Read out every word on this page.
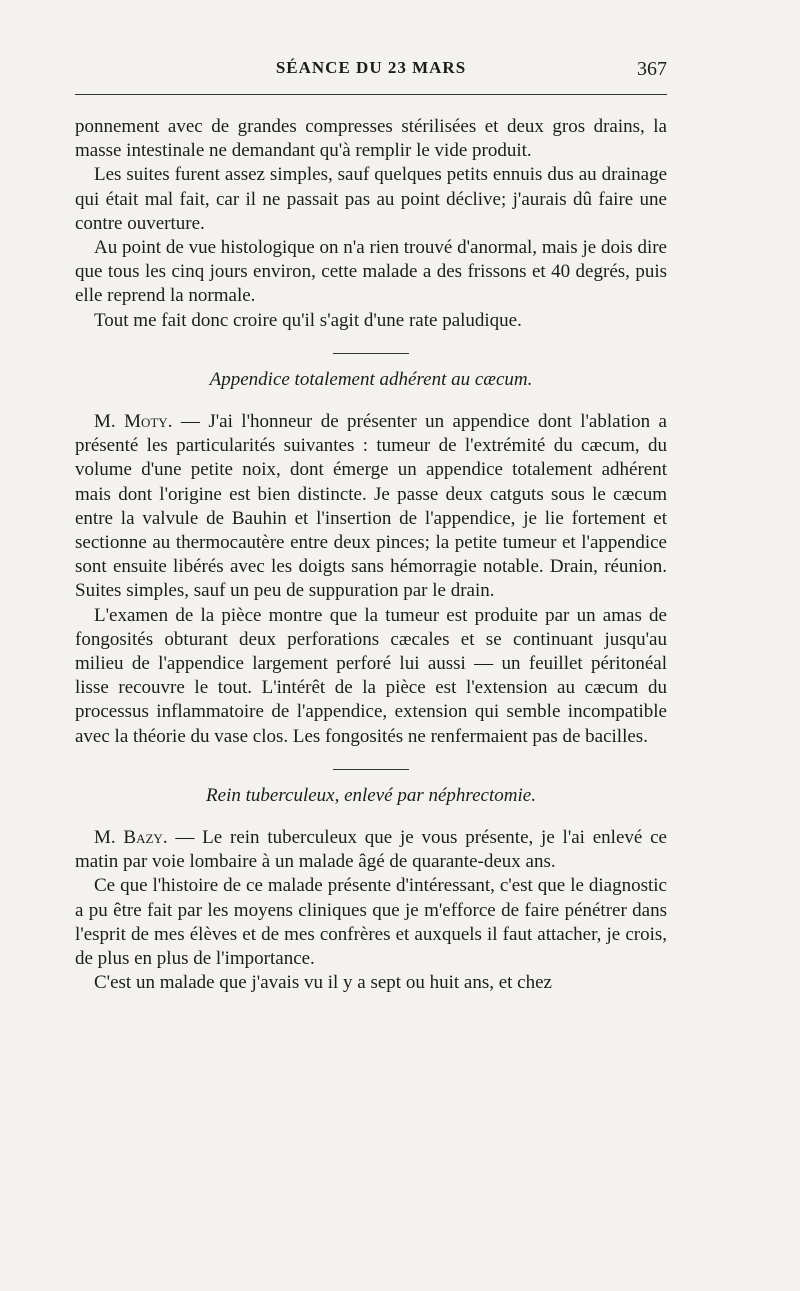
SÉANCE DU 23 MARS	367

ponnement avec de grandes compresses stérilisées et deux gros drains, la masse intestinale ne demandant qu'à remplir le vide produit.

Les suites furent assez simples, sauf quelques petits ennuis dus au drainage qui était mal fait, car il ne passait pas au point déclive; j'aurais dû faire une contre ouverture.

Au point de vue histologique on n'a rien trouvé d'anormal, mais je dois dire que tous les cinq jours environ, cette malade a des frissons et 40 degrés, puis elle reprend la normale.

Tout me fait donc croire qu'il s'agit d'une rate paludique.

Appendice totalement adhérent au cæcum.

M. Moty. — J'ai l'honneur de présenter un appendice dont l'ablation a présenté les particularités suivantes : tumeur de l'extrémité du cæcum, du volume d'une petite noix, dont émerge un appendice totalement adhérent mais dont l'origine est bien distincte. Je passe deux catguts sous le cæcum entre la valvule de Bauhin et l'insertion de l'appendice, je lie fortement et sectionne au thermocautère entre deux pinces; la petite tumeur et l'appendice sont ensuite libérés avec les doigts sans hémorragie notable. Drain, réunion. Suites simples, sauf un peu de suppuration par le drain.

L'examen de la pièce montre que la tumeur est produite par un amas de fongosités obturant deux perforations cæcales et se continuant jusqu'au milieu de l'appendice largement perforé lui aussi — un feuillet péritonéal lisse recouvre le tout. L'intérêt de la pièce est l'extension au cæcum du processus inflammatoire de l'appendice, extension qui semble incompatible avec la théorie du vase clos. Les fongosités ne renfermaient pas de bacilles.

Rein tuberculeux, enlevé par néphrectomie.

M. Bazy. — Le rein tuberculeux que je vous présente, je l'ai enlevé ce matin par voie lombaire à un malade âgé de quarante-deux ans.

Ce que l'histoire de ce malade présente d'intéressant, c'est que le diagnostic a pu être fait par les moyens cliniques que je m'efforce de faire pénétrer dans l'esprit de mes élèves et de mes confrères et auxquels il faut attacher, je crois, de plus en plus de l'importance.

C'est un malade que j'avais vu il y a sept ou huit ans, et chez
